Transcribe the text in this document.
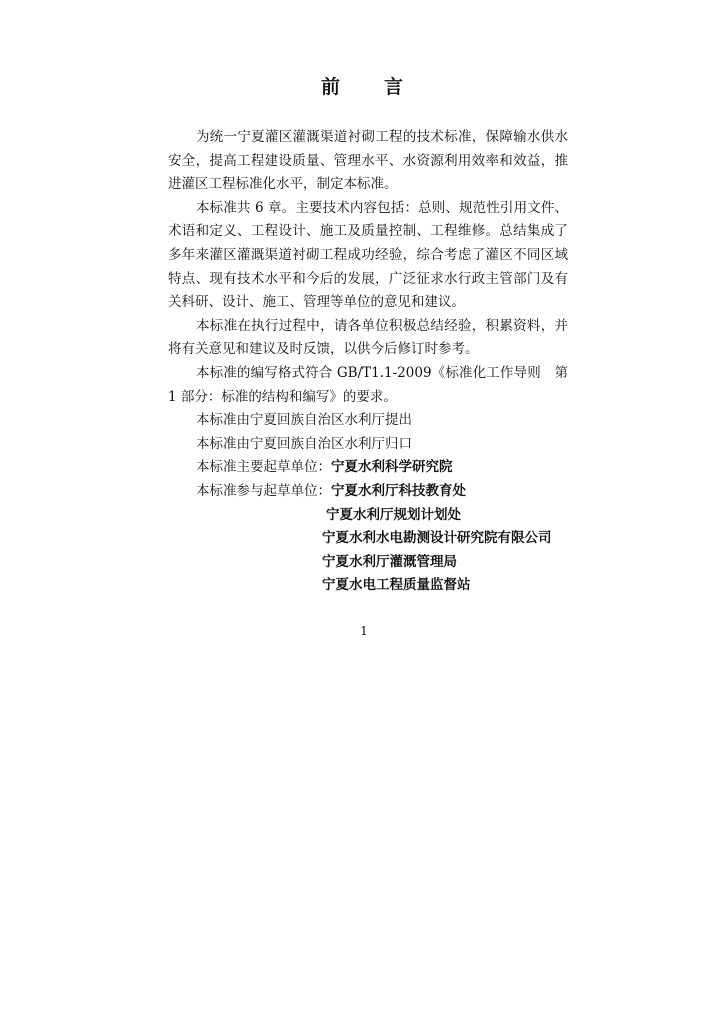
前 言

为统一宁夏灌区灌溉渠道衬砌工程的技术标准，保障输水供水安全，提高工程建设质量、管理水平、水资源利用效率和效益，推进灌区工程标准化水平，制定本标准。

本标准共 6 章。主要技术内容包括：总则、规范性引用文件、术语和定义、工程设计、施工及质量控制、工程维修。总结集成了多年来灌区灌溉渠道衬砌工程成功经验，综合考虑了灌区不同区域特点、现有技术水平和今后的发展，广泛征求水行政主管部门及有关科研、设计、施工、管理等单位的意见和建议。

本标准在执行过程中，请各单位积极总结经验，积累资料，并将有关意见和建议及时反馈，以供今后修订时参考。

本标准的编写格式符合 GB/T1.1-2009《标准化工作导则　第 1 部分：标准的结构和编写》的要求。

本标准由宁夏回族自治区水利厅提出

本标准由宁夏回族自治区水利厅归口

本标准主要起草单位：宁夏水利科学研究院

本标准参与起草单位：宁夏水利厅科技教育处

宁夏水利厅规划计划处

宁夏水利水电勘测设计研究院有限公司

宁夏水利厅灌溉管理局

宁夏水电工程质量监督站

1
